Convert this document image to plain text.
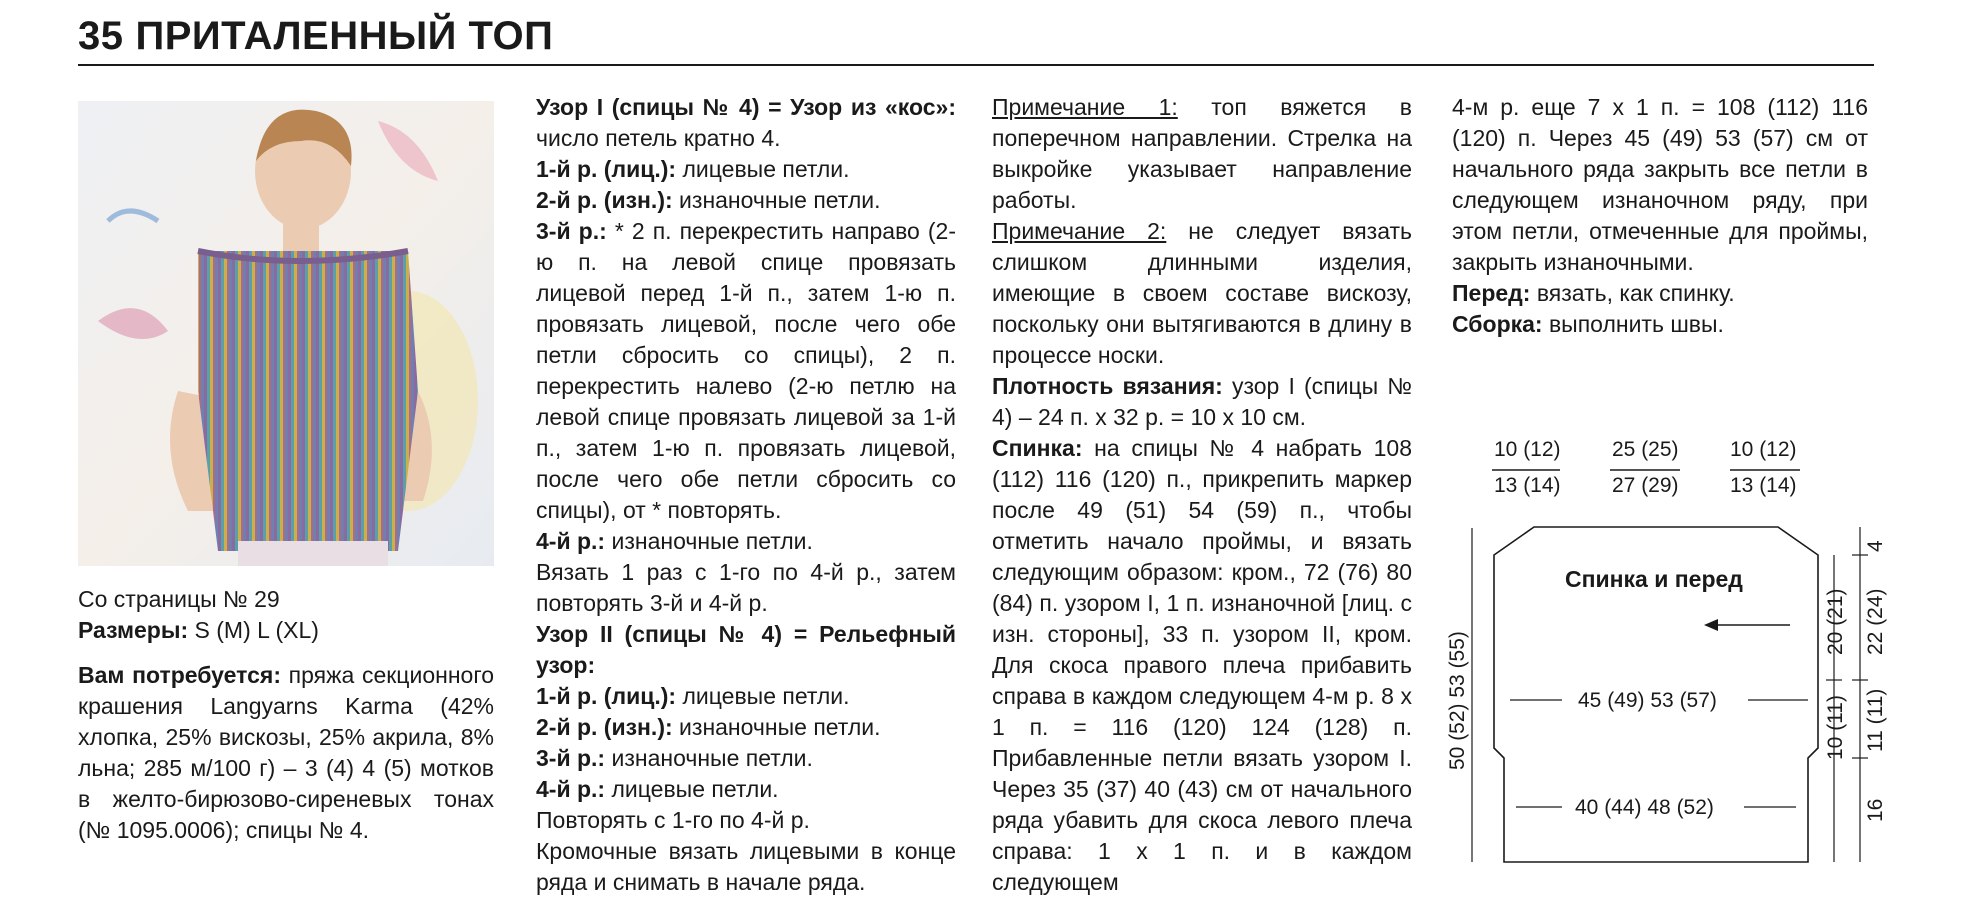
35 ПРИТАЛЕННЫЙ ТОП

Со страницы № 29

Размеры: S (M) L (XL)

Вам потребуется: пряжа секционного крашения Langyarns Karma (42% хлопка, 25% вискозы, 25% акрила, 8% льна; 285 м/100 г) – 3 (4) 4 (5) мотков в желто-бирюзово-сиреневых тонах (№ 1095.0006); спицы № 4.

Узор I (спицы № 4) = Узор из «кос»: число петель кратно 4.

1-й р. (лиц.): лицевые петли.

2-й р. (изн.): изнаночные петли.

3-й р.: * 2 п. перекрестить направо (2-ю п. на левой спице провязать лицевой перед 1-й п., затем 1-ю п. провязать лицевой, после чего обе петли сбросить со спицы), 2 п. перекрестить налево (2-ю петлю на левой спице провязать лицевой за 1-й п., затем 1-ю п. провязать лицевой, после чего обе петли сбросить со спицы), от * повторять.

4-й р.: изнаночные петли.

Вязать 1 раз с 1-го по 4-й р., затем повторять 3-й и 4-й р.

Узор II (спицы № 4) = Рельефный узор:

1-й р. (лиц.): лицевые петли.

2-й р. (изн.): изнаночные петли.

3-й р.: изнаночные петли.

4-й р.: лицевые петли.

Повторять с 1-го по 4-й р.

Кромочные вязать лицевыми в конце ряда и снимать в начале ряда.

Примечание 1: топ вяжется в поперечном направлении. Стрелка на выкройке указывает направление работы.

Примечание 2: не следует вязать слишком длинными изделия, имеющие в своем составе вискозу, поскольку они вытягиваются в длину в процессе носки.

Плотность вязания: узор I (спицы № 4) – 24 п. x 32 р. = 10 x 10 см.

Спинка: на спицы № 4 набрать 108 (112) 116 (120) п., прикрепить маркер после 49 (51) 54 (59) п., чтобы отметить начало проймы, и вязать следующим образом: кром., 72 (76) 80 (84) п. узором I, 1 п. изнаночной [лиц. с изн. стороны], 33 п. узором II, кром. Для скоса правого плеча прибавить справа в каждом следующем 4-м р. 8 x 1 п. = 116 (120) 124 (128) п. Прибавленные петли вязать узором I. Через 35 (37) 40 (43) см от начального ряда убавить для скоса левого плеча справа: 1 x 1 п. и в каждом следующем

4-м р. еще 7 x 1 п. = 108 (112) 116 (120) п. Через 45 (49) 53 (57) см от начального ряда закрыть все петли в следующем изнаночном ряду, при этом петли, отмеченные для проймы, закрыть изнаночными.

Перед: вязать, как спинку.

Сборка: выполнить швы.

10 (12)
13 (14)
25 (25)
27 (29)
10 (12)
13 (14)
Спинка и перед
45 (49) 53 (57)
40 (44) 48 (52)
50 (52) 53 (55)
20 (21)
10 (11)
4
22 (24)
11 (11)
16
